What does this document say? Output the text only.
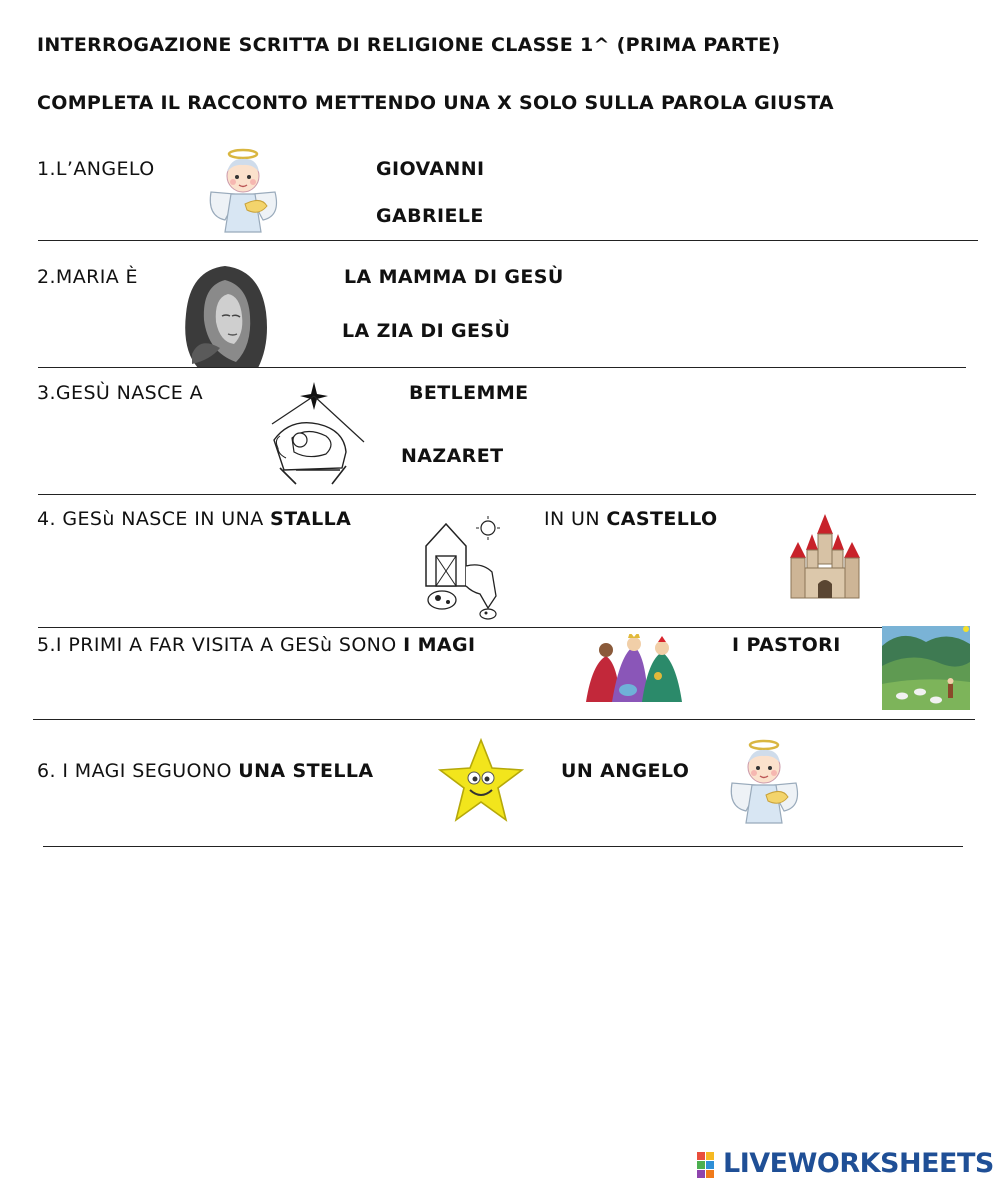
INTERROGAZIONE SCRITTA DI RELIGIONE CLASSE 1^ (PRIMA PARTE)
COMPLETA IL RACCONTO METTENDO UNA X SOLO SULLA PAROLA GIUSTA
1.L’ANGELO	GIOVANNI
GABRIELE
2.MARIA È	LA MAMMA DI GESÙ
LA ZIA DI GESÙ
3.GESÙ NASCE A	BETLEMME
NAZARET
4. GESù NASCE IN UNA STALLA	IN UN CASTELLO
5.I PRIMI A FAR VISITA A GESù SONO I MAGI	I PASTORI
6. I MAGI SEGUONO UNA STELLA	UN ANGELO
LIVEWORKSHEETS
